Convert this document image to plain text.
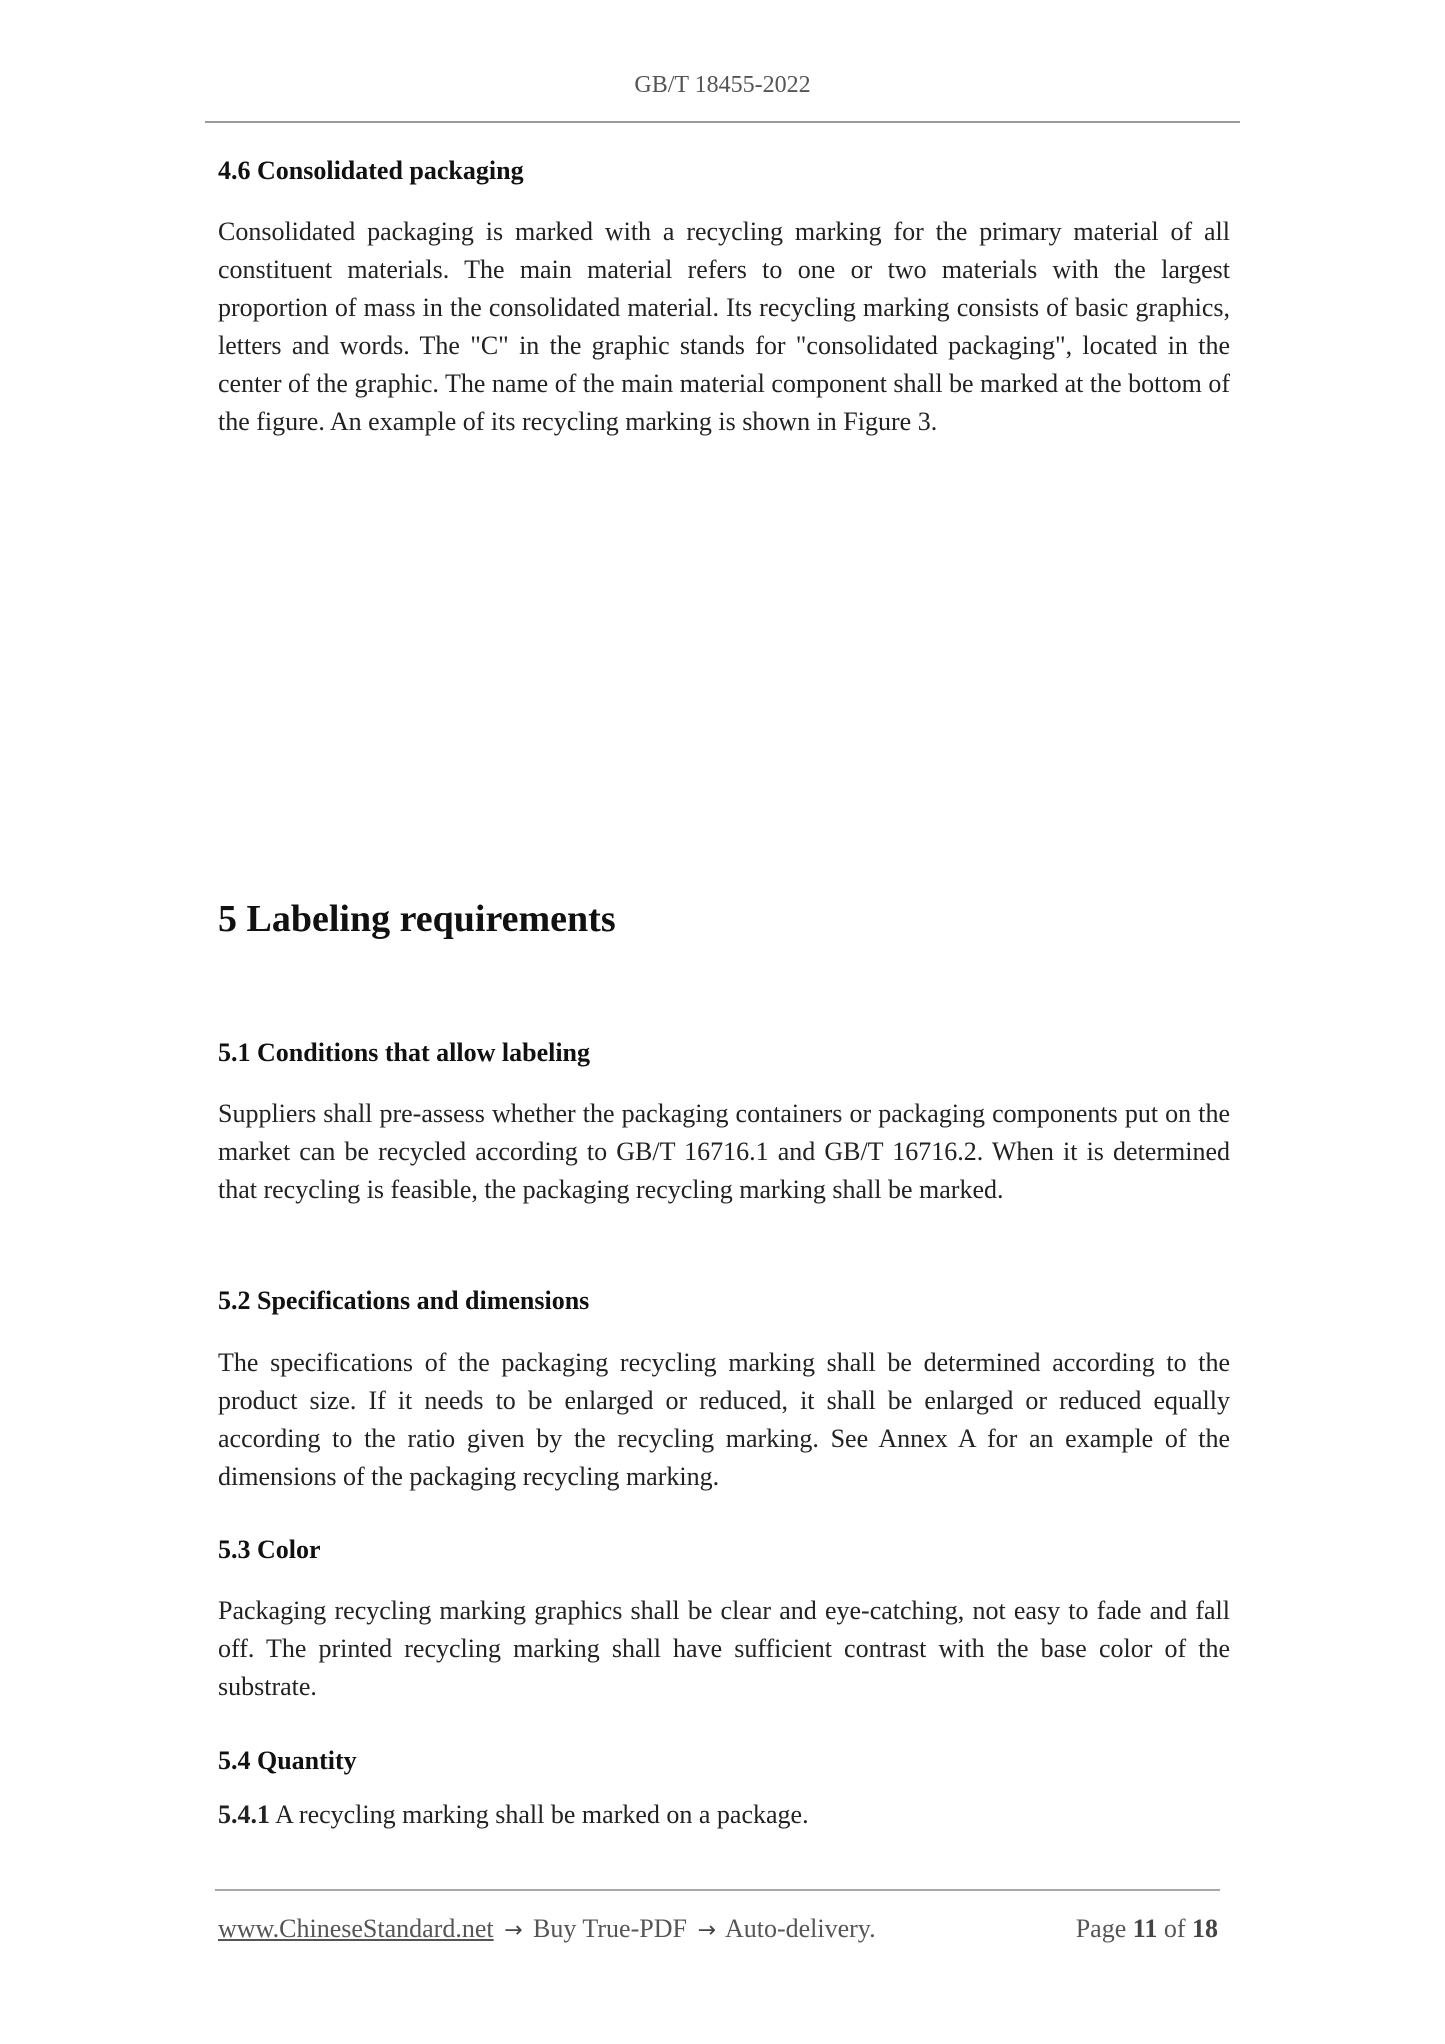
GB/T 18455-2022
4.6 Consolidated packaging
Consolidated packaging is marked with a recycling marking for the primary material of all constituent materials. The main material refers to one or two materials with the largest proportion of mass in the consolidated material. Its recycling marking consists of basic graphics, letters and words. The "C" in the graphic stands for "consolidated packaging", located in the center of the graphic. The name of the main material component shall be marked at the bottom of the figure. An example of its recycling marking is shown in Figure 3.
5 Labeling requirements
5.1 Conditions that allow labeling
Suppliers shall pre-assess whether the packaging containers or packaging components put on the market can be recycled according to GB/T 16716.1 and GB/T 16716.2. When it is determined that recycling is feasible, the packaging recycling marking shall be marked.
5.2 Specifications and dimensions
The specifications of the packaging recycling marking shall be determined according to the product size. If it needs to be enlarged or reduced, it shall be enlarged or reduced equally according to the ratio given by the recycling marking. See Annex A for an example of the dimensions of the packaging recycling marking.
5.3 Color
Packaging recycling marking graphics shall be clear and eye-catching, not easy to fade and fall off. The printed recycling marking shall have sufficient contrast with the base color of the substrate.
5.4 Quantity
5.4.1 A recycling marking shall be marked on a package.
www.ChineseStandard.net → Buy True-PDF → Auto-delivery.	Page 11 of 18
